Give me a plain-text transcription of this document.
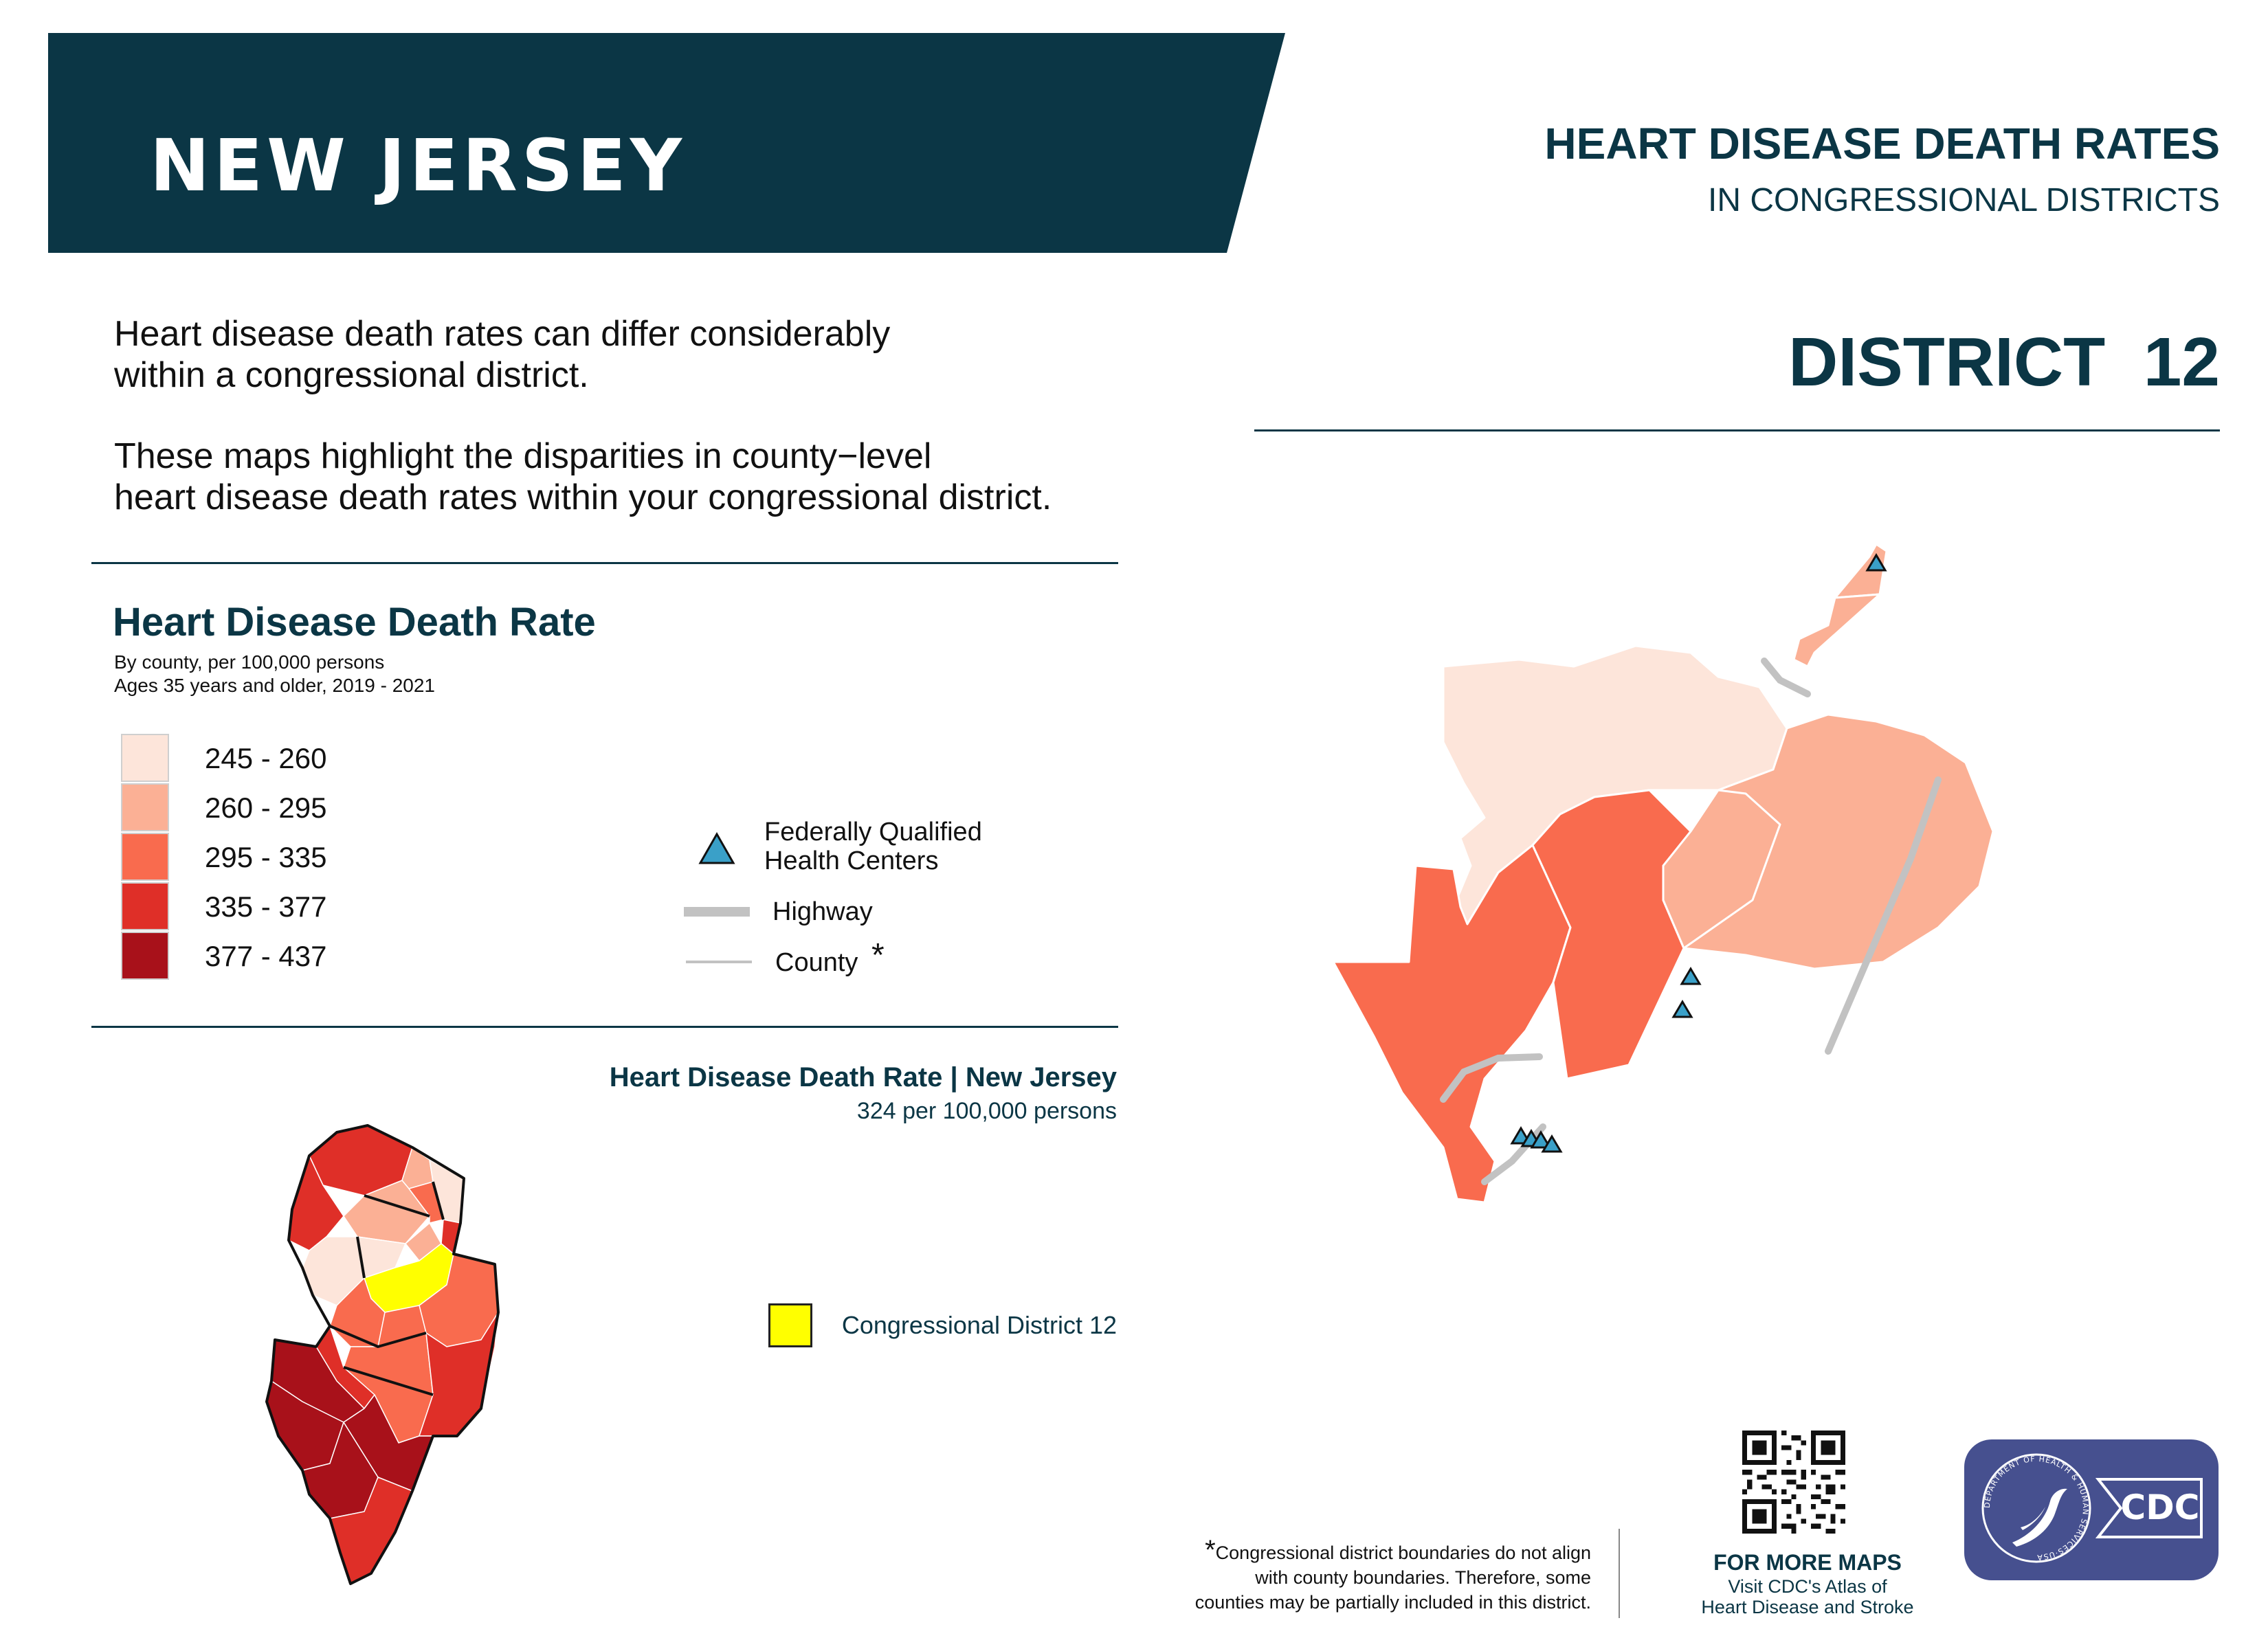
NEW JERSEY	HEART DISEASE DEATH RATES
IN CONGRESSIONAL DISTRICTS
DISTRICT  12
Heart disease death rates can differ considerably
within a congressional district.
These maps highlight the disparities in county−level
heart disease death rates within your congressional district.
Heart Disease Death Rate
By county, per 100,000 persons
Ages 35 years and older, 2019 - 2021
245 - 260
260 - 295
295 - 335
335 - 377
377 - 437
Federally Qualified
Health Centers
Highway
County *
Heart Disease Death Rate | New Jersey
324 per 100,000 persons
Congressional District 12
*Congressional district boundaries do not align
with county boundaries. Therefore, some
counties may be partially included in this district.
FOR MORE MAPS
Visit CDC's Atlas of
Heart Disease and Stroke
DEPARTMENT OF HEALTH & HUMAN SERVICES·USA
CDC
